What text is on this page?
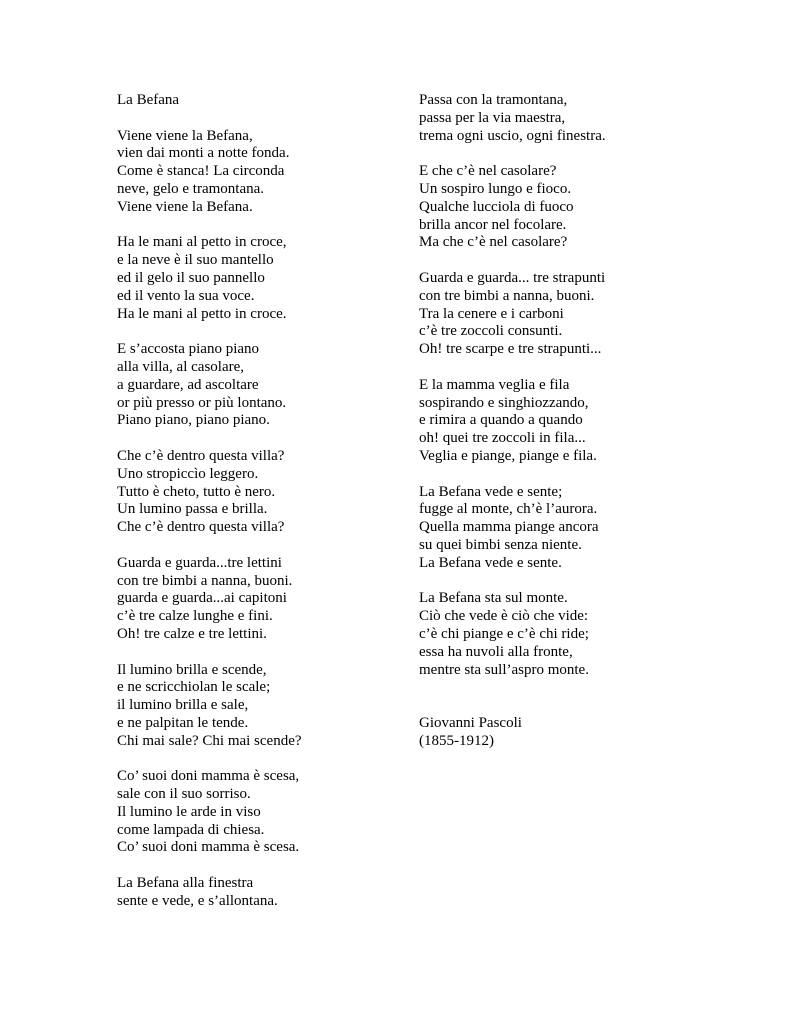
La Befana
Viene viene la Befana,
vien dai monti a notte fonda.
Come è stanca! La circonda
neve, gelo e tramontana.
Viene viene la Befana.
Ha le mani al petto in croce,
e la neve è il suo mantello
ed il gelo il suo pannello
ed il vento la sua voce.
Ha le mani al petto in croce.
E s’accosta piano piano
alla villa, al casolare,
a guardare, ad ascoltare
or più presso or più lontano.
Piano piano, piano piano.
Che c’è dentro questa villa?
Uno stropiccìo leggero.
Tutto è cheto, tutto è nero.
Un lumino passa e brilla.
Che c’è dentro questa villa?
Guarda e guarda...tre lettini
con tre bimbi a nanna, buoni.
guarda e guarda...ai capitoni
c’è tre calze lunghe e fini.
Oh! tre calze e tre lettini.
Il lumino brilla e scende,
e ne scricchiolan le scale;
il lumino brilla e sale,
e ne palpitan le tende.
Chi mai sale? Chi mai scende?
Co’ suoi doni mamma è scesa,
sale con il suo sorriso.
Il lumino le arde in viso
come lampada di chiesa.
Co’ suoi doni mamma è scesa.
La Befana alla finestra
sente e vede, e s’allontana.
Passa con la tramontana,
passa per la via maestra,
trema ogni uscio, ogni finestra.
E che c’è nel casolare?
Un sospiro lungo e fioco.
Qualche lucciola di fuoco
brilla ancor nel focolare.
Ma che c’è nel casolare?
Guarda e guarda... tre strapunti
con tre bimbi a nanna, buoni.
Tra la cenere e i carboni
c’è tre zoccoli consunti.
Oh! tre scarpe e tre strapunti...
E la mamma veglia e fila
sospirando e singhiozzando,
e rimira a quando a quando
oh! quei tre zoccoli in fila...
Veglia e piange, piange e fila.
La Befana vede e sente;
fugge al monte, ch’è l’aurora.
Quella mamma piange ancora
su quei bimbi senza niente.
La Befana vede e sente.
La Befana sta sul monte.
Ciò che vede è ciò che vide:
c’è chi piange e c’è chi ride;
essa ha nuvoli alla fronte,
mentre sta sull’aspro monte.
Giovanni Pascoli
(1855-1912)
